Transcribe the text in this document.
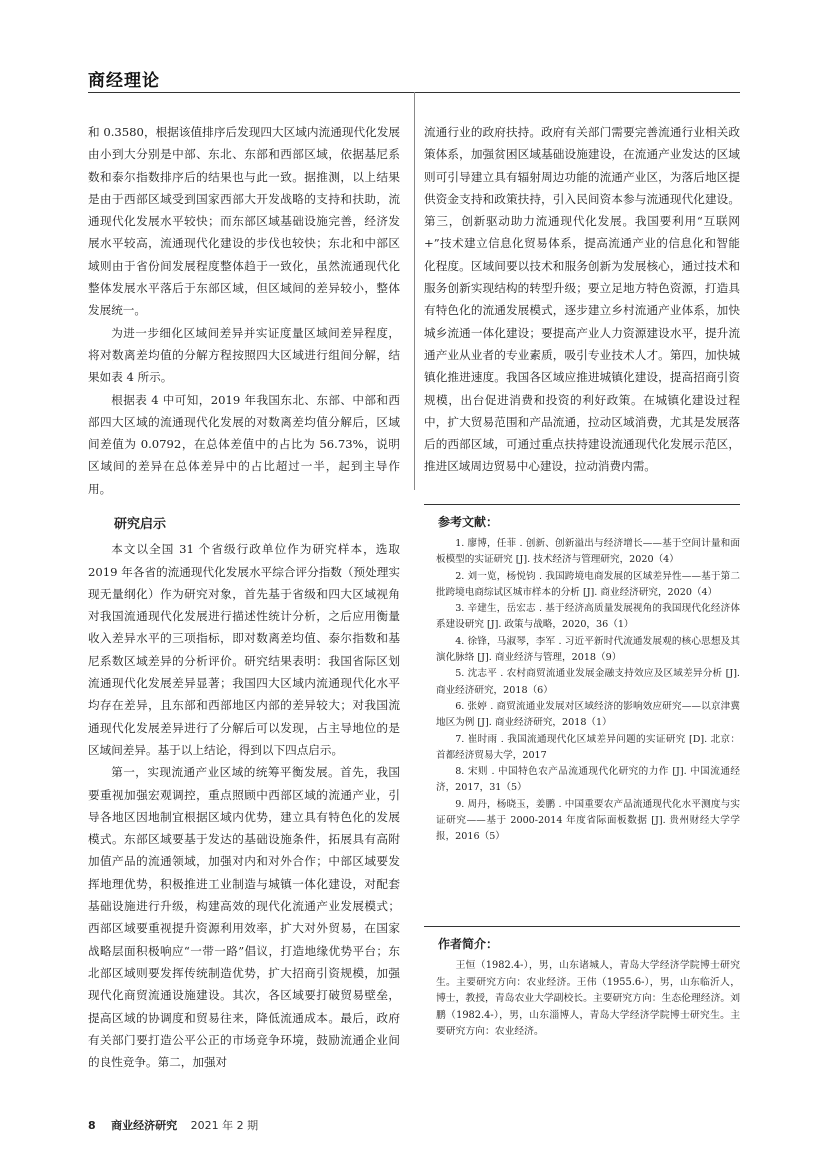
商经理论

和 0.3580，根据该值排序后发现四大区域内流通现代化发展由小到大分别是中部、东北、东部和西部区域，依据基尼系数和泰尔指数排序后的结果也与此一致。据推测，以上结果是由于西部区域受到国家西部大开发战略的支持和扶助，流通现代化发展水平较快；而东部区域基础设施完善，经济发展水平较高，流通现代化建设的步伐也较快；东北和中部区域则由于省份间发展程度整体趋于一致化，虽然流通现代化整体发展水平落后于东部区域，但区域间的差异较小，整体发展统一。

为进一步细化区域间差异并实证度量区域间差异程度，将对数离差均值的分解方程按照四大区域进行组间分解，结果如表 4 所示。

根据表 4 中可知，2019 年我国东北、东部、中部和西部四大区域的流通现代化发展的对数离差均值分解后，区域间差值为 0.0792，在总体差值中的占比为 56.73%，说明区域间的差异在总体差异中的占比超过一半，起到主导作用。

流通行业的政府扶持。政府有关部门需要完善流通行业相关政策体系，加强贫困区域基础设施建设，在流通产业发达的区域则可引导建立具有辐射周边功能的流通产业区，为落后地区提供资金支持和政策扶持，引入民间资本参与流通现代化建设。第三，创新驱动助力流通现代化发展。我国要利用“互联网 +”技术建立信息化贸易体系，提高流通产业的信息化和智能化程度。区域间要以技术和服务创新为发展核心，通过技术和服务创新实现结构的转型升级；要立足地方特色资源，打造具有特色化的流通发展模式，逐步建立乡村流通产业体系，加快城乡流通一体化建设；要提高产业人力资源建设水平，提升流通产业从业者的专业素质，吸引专业技术人才。第四，加快城镇化推进速度。我国各区域应推进城镇化建设，提高招商引资规模，出台促进消费和投资的利好政策。在城镇化建设过程中，扩大贸易范围和产品流通，拉动区域消费，尤其是发展落后的西部区域，可通过重点扶持建设流通现代化发展示范区，推进区域周边贸易中心建设，拉动消费内需。

研究启示

本文以全国 31 个省级行政单位作为研究样本，选取 2019 年各省的流通现代化发展水平综合评分指数（预处理实现无量纲化）作为研究对象，首先基于省级和四大区域视角对我国流通现代化发展进行描述性统计分析，之后应用衡量收入差异水平的三项指标，即对数离差均值、泰尔指数和基尼系数区域差异的分析评价。研究结果表明：我国省际区划流通现代化发展差异显著；我国四大区域内流通现代化水平均存在差异，且东部和西部地区内部的差异较大；对我国流通现代化发展差异进行了分解后可以发现，占主导地位的是区域间差异。基于以上结论，得到以下四点启示。

第一，实现流通产业区域的统筹平衡发展。首先，我国要重视加强宏观调控，重点照顾中西部区域的流通产业，引导各地区因地制宜根据区域内优势，建立具有特色化的发展模式。东部区域要基于发达的基础设施条件，拓展具有高附加值产品的流通领域，加强对内和对外合作；中部区域要发挥地理优势，积极推进工业制造与城镇一体化建设，对配套基础设施进行升级，构建高效的现代化流通产业发展模式；西部区域要重视提升资源利用效率，扩大对外贸易，在国家战略层面积极响应“一带一路”倡议，打造地缘优势平台；东北部区域则要发挥传统制造优势，扩大招商引资规模，加强现代化商贸流通设施建设。其次，各区域要打破贸易壁垒，提高区域的协调度和贸易往来，降低流通成本。最后，政府有关部门要打造公平公正的市场竞争环境，鼓励流通企业间的良性竞争。第二，加强对

参考文献：
1. 廖博，任菲 . 创新、创新溢出与经济增长——基于空间计量和面板模型的实证研究 [J]. 技术经济与管理研究，2020（4）
2. 刘一览，杨悦钧 . 我国跨境电商发展的区域差异性——基于第二批跨境电商综试区城市样本的分析 [J]. 商业经济研究，2020（4）
3. 辛建生，岳宏志 . 基于经济高质量发展视角的我国现代化经济体系建设研究 [J]. 政策与战略，2020，36（1）
4. 徐锋，马淑琴，李军 . 习近平新时代流通发展观的核心思想及其演化脉络 [J]. 商业经济与管理，2018（9）
5. 沈志平 . 农村商贸流通业发展金融支持效应及区域差异分析 [J]. 商业经济研究，2018（6）
6. 张婷 . 商贸流通业发展对区域经济的影响效应研究——以京津冀地区为例 [J]. 商业经济研究，2018（1）
7. 崔时雨 . 我国流通现代化区域差异问题的实证研究 [D]. 北京：首都经济贸易大学，2017
8. 宋则 . 中国特色农产品流通现代化研究的力作 [J]. 中国流通经济，2017，31（5）
9. 周丹，杨晓玉，姜鹏 . 中国重要农产品流通现代化水平测度与实证研究——基于 2000-2014 年度省际面板数据 [J]. 贵州财经大学学报，2016（5）
作者简介：
王恒（1982.4-），男，山东诸城人，青岛大学经济学院博士研究生。主要研究方向：农业经济。王伟（1955.6-），男，山东临沂人，博士，教授，青岛农业大学副校长。主要研究方向：生态伦理经济。刘鹏（1982.4-），男，山东淄博人，青岛大学经济学院博士研究生。主要研究方向：农业经济。
8 商业经济研究 2021 年 2 期
